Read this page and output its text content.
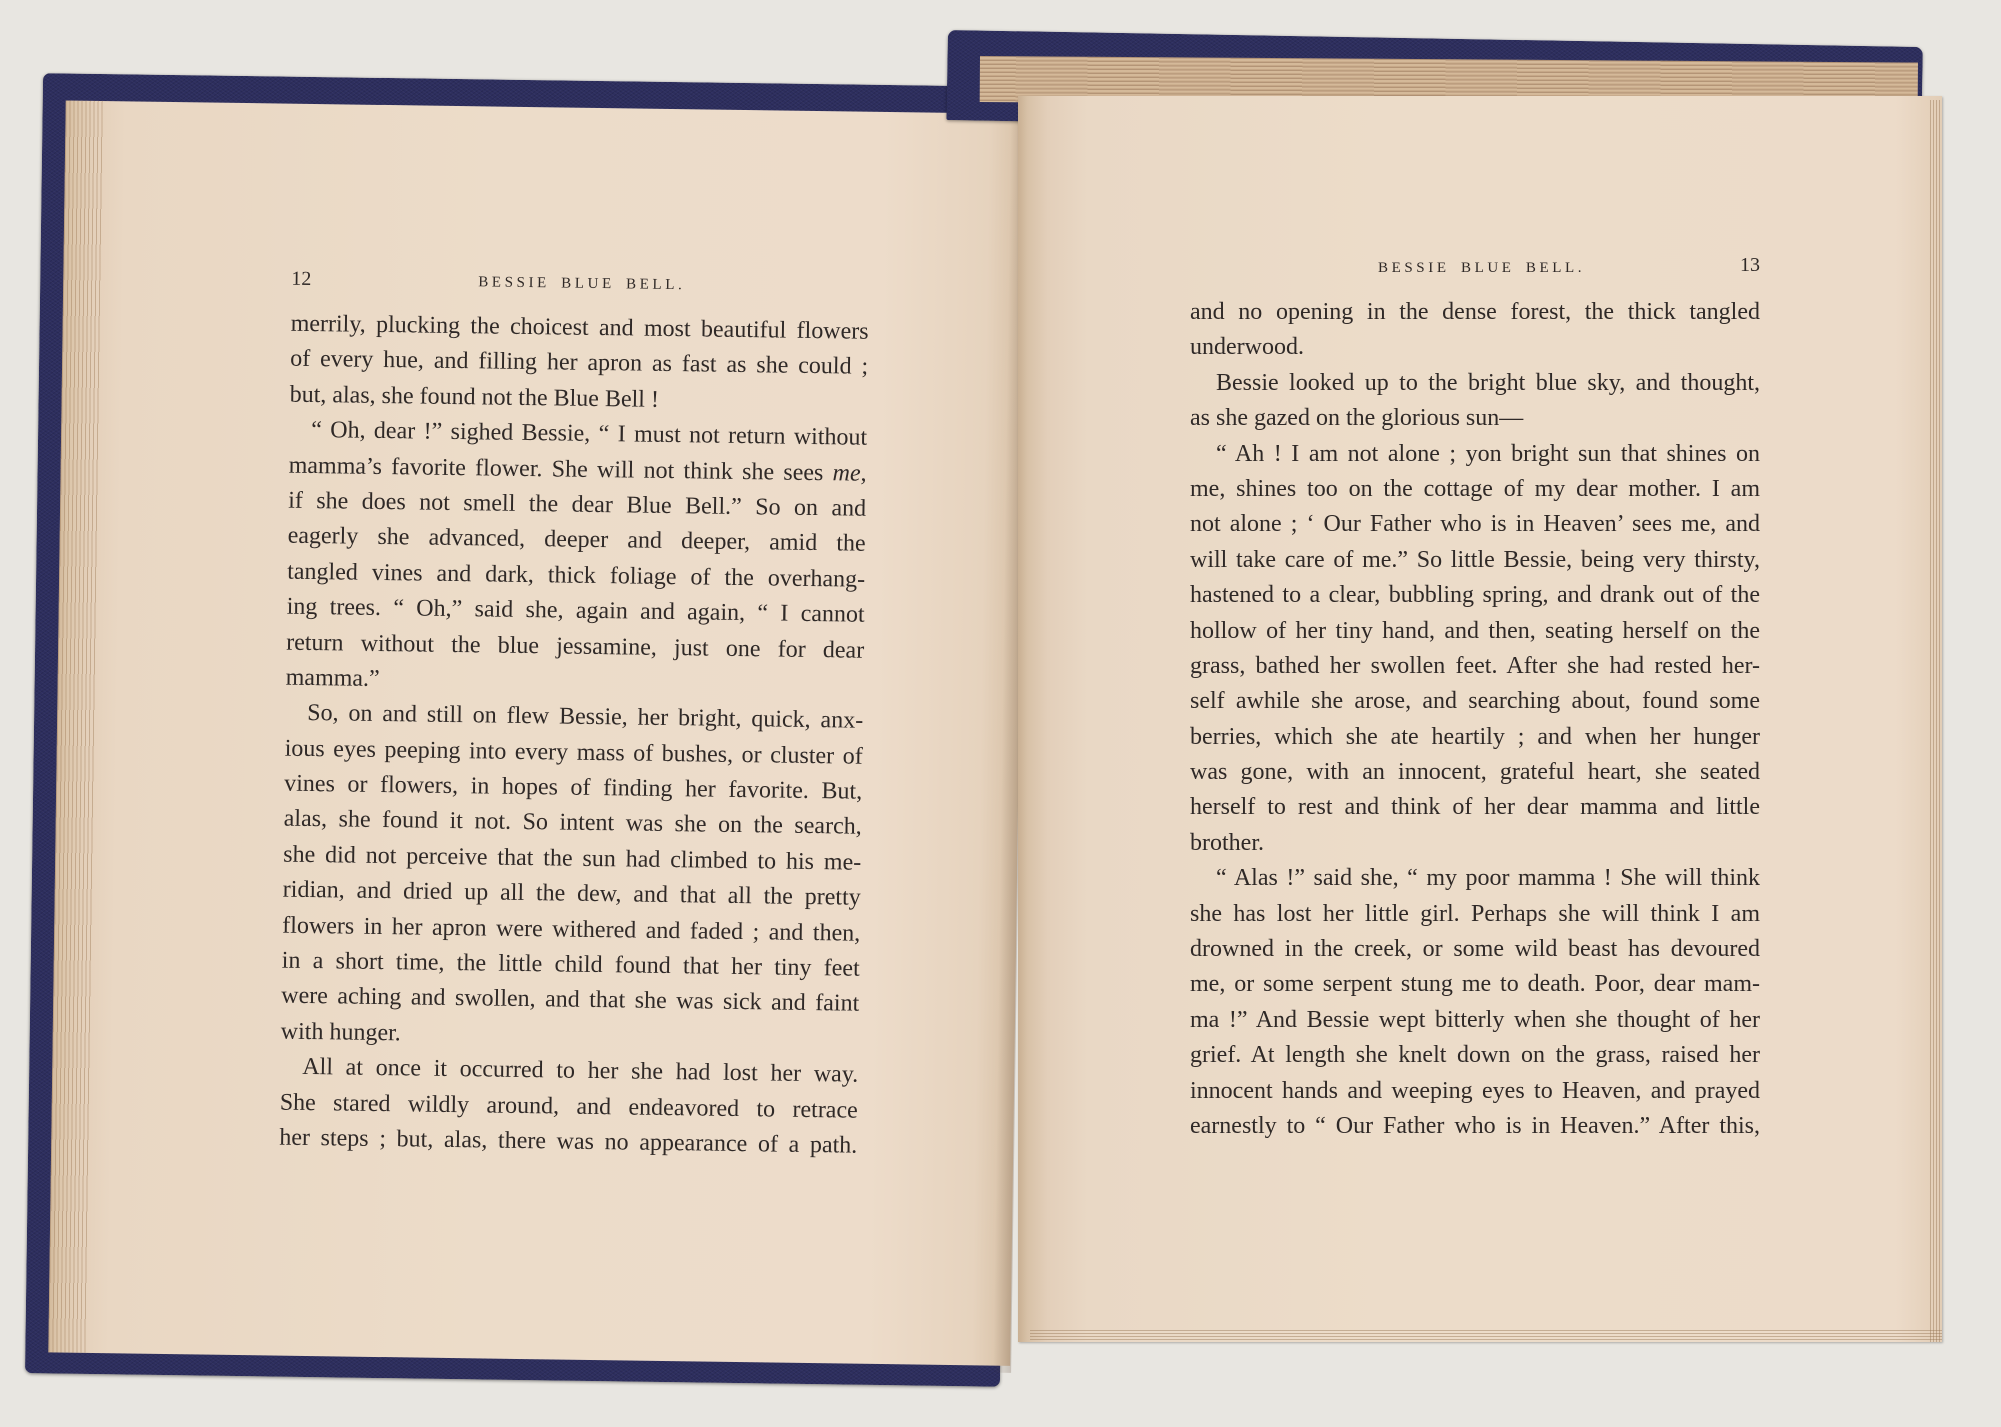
12	BESSIE BLUE BELL.
merrily, plucking the choicest and most beautiful flowers
of every hue, and filling her apron as fast as she could ;
but, alas, she found not the Blue Bell !
“ Oh, dear !” sighed Bessie, “ I must not return without
mamma’s favorite flower. She will not think she sees me,
if she does not smell the dear Blue Bell.” So on and
eagerly she advanced, deeper and deeper, amid the
tangled vines and dark, thick foliage of the overhang-
ing trees. “ Oh,” said she, again and again, “ I cannot
return without the blue jessamine, just one for dear
mamma.”
So, on and still on flew Bessie, her bright, quick, anx-
ious eyes peeping into every mass of bushes, or cluster of
vines or flowers, in hopes of finding her favorite. But,
alas, she found it not. So intent was she on the search,
she did not perceive that the sun had climbed to his me-
ridian, and dried up all the dew, and that all the pretty
flowers in her apron were withered and faded ; and then,
in a short time, the little child found that her tiny feet
were aching and swollen, and that she was sick and faint
with hunger.
All at once it occurred to her she had lost her way.
She stared wildly around, and endeavored to retrace
her steps ; but, alas, there was no appearance of a path.
BESSIE BLUE BELL.	13
and no opening in the dense forest, the thick tangled
underwood.
Bessie looked up to the bright blue sky, and thought,
as she gazed on the glorious sun—
“ Ah ! I am not alone ; yon bright sun that shines on
me, shines too on the cottage of my dear mother. I am
not alone ; ‘ Our Father who is in Heaven’ sees me, and
will take care of me.” So little Bessie, being very thirsty,
hastened to a clear, bubbling spring, and drank out of the
hollow of her tiny hand, and then, seating herself on the
grass, bathed her swollen feet. After she had rested her-
self awhile she arose, and searching about, found some
berries, which she ate heartily ; and when her hunger
was gone, with an innocent, grateful heart, she seated
herself to rest and think of her dear mamma and little
brother.
“ Alas !” said she, “ my poor mamma ! She will think
she has lost her little girl. Perhaps she will think I am
drowned in the creek, or some wild beast has devoured
me, or some serpent stung me to death. Poor, dear mam-
ma !” And Bessie wept bitterly when she thought of her
grief. At length she knelt down on the grass, raised her
innocent hands and weeping eyes to Heaven, and prayed
earnestly to “ Our Father who is in Heaven.” After this,
